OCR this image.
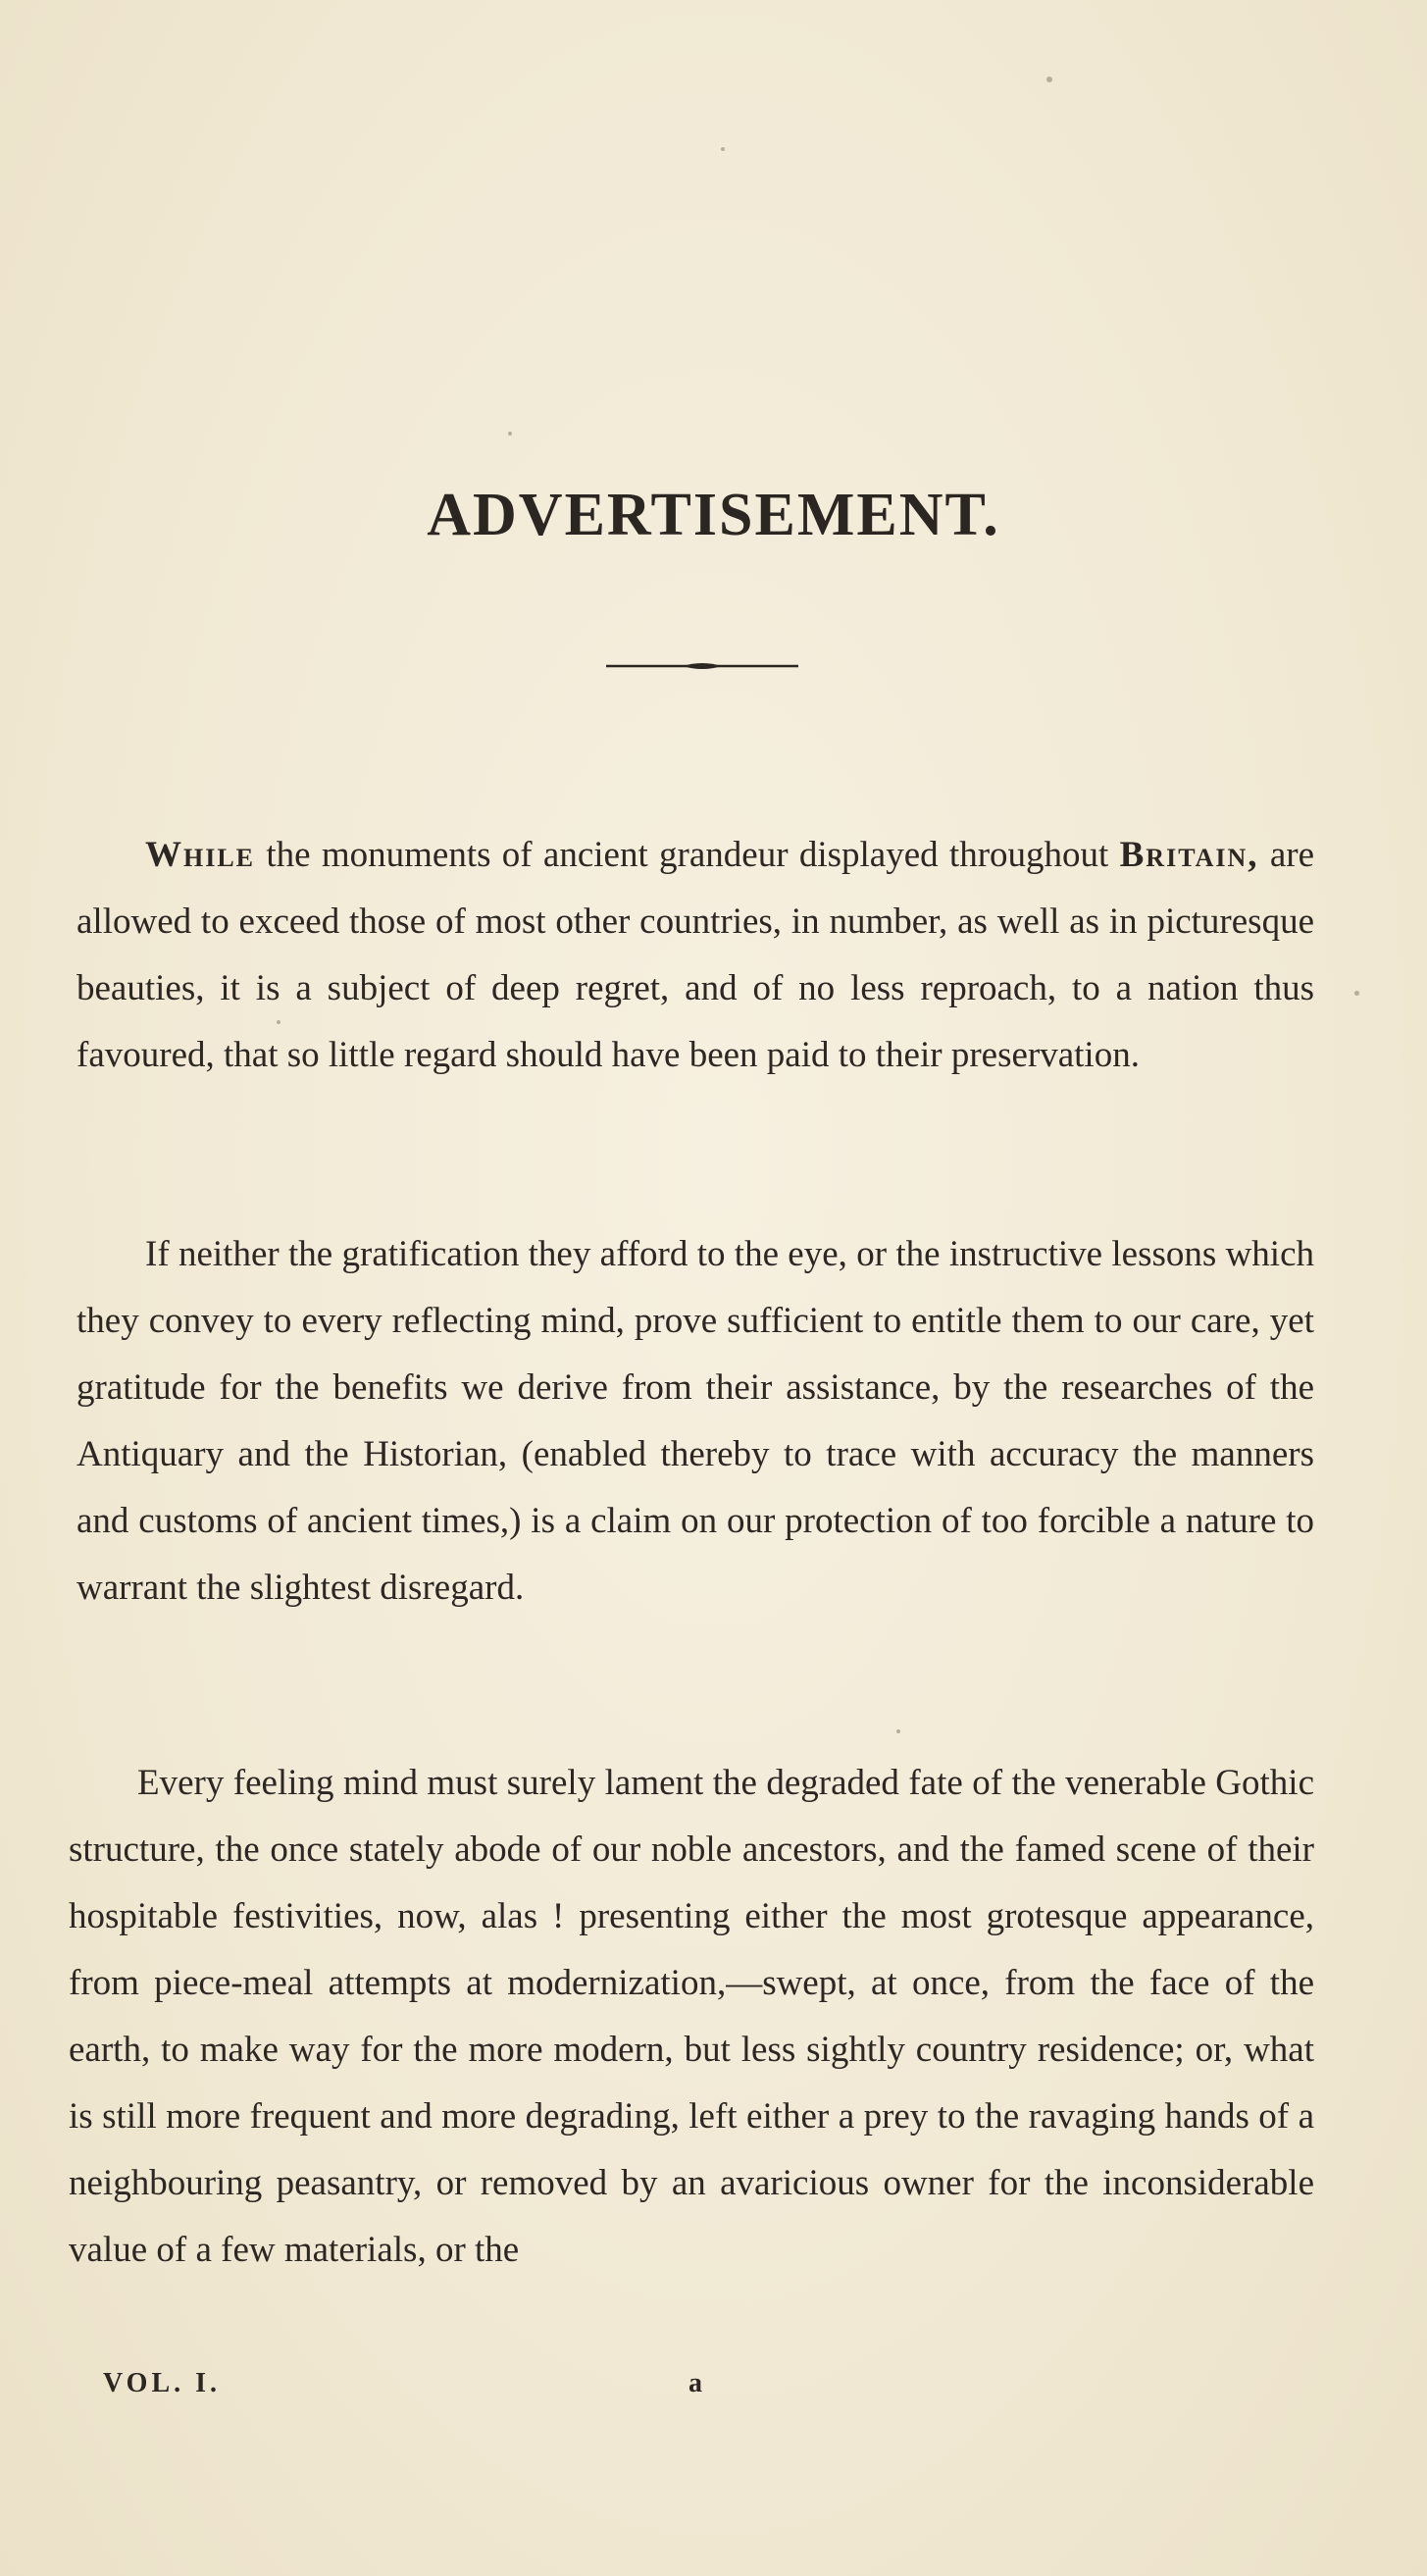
ADVERTISEMENT.

While the monuments of ancient grandeur displayed throughout Britain, are allowed to exceed those of most other countries, in number, as well as in picturesque beauties, it is a subject of deep regret, and of no less reproach, to a nation thus favoured, that so little regard should have been paid to their preservation.

If neither the gratification they afford to the eye, or the instructive lessons which they convey to every reflecting mind, prove sufficient to entitle them to our care, yet gratitude for the benefits we derive from their assistance, by the researches of the Antiquary and the Historian, (enabled thereby to trace with accuracy the manners and customs of ancient times,) is a claim on our protection of too forcible a nature to warrant the slightest disregard.

Every feeling mind must surely lament the degraded fate of the venerable Gothic structure, the once stately abode of our noble ancestors, and the famed scene of their hospitable festivities, now, alas ! presenting either the most grotesque appearance, from piece-meal attempts at modernization,—swept, at once, from the face of the earth, to make way for the more modern, but less sightly country residence; or, what is still more frequent and more degrading, left either a prey to the ravaging hands of a neighbouring peasantry, or removed by an avaricious owner for the inconsiderable value of a few materials, or the

VOL. I.	a
